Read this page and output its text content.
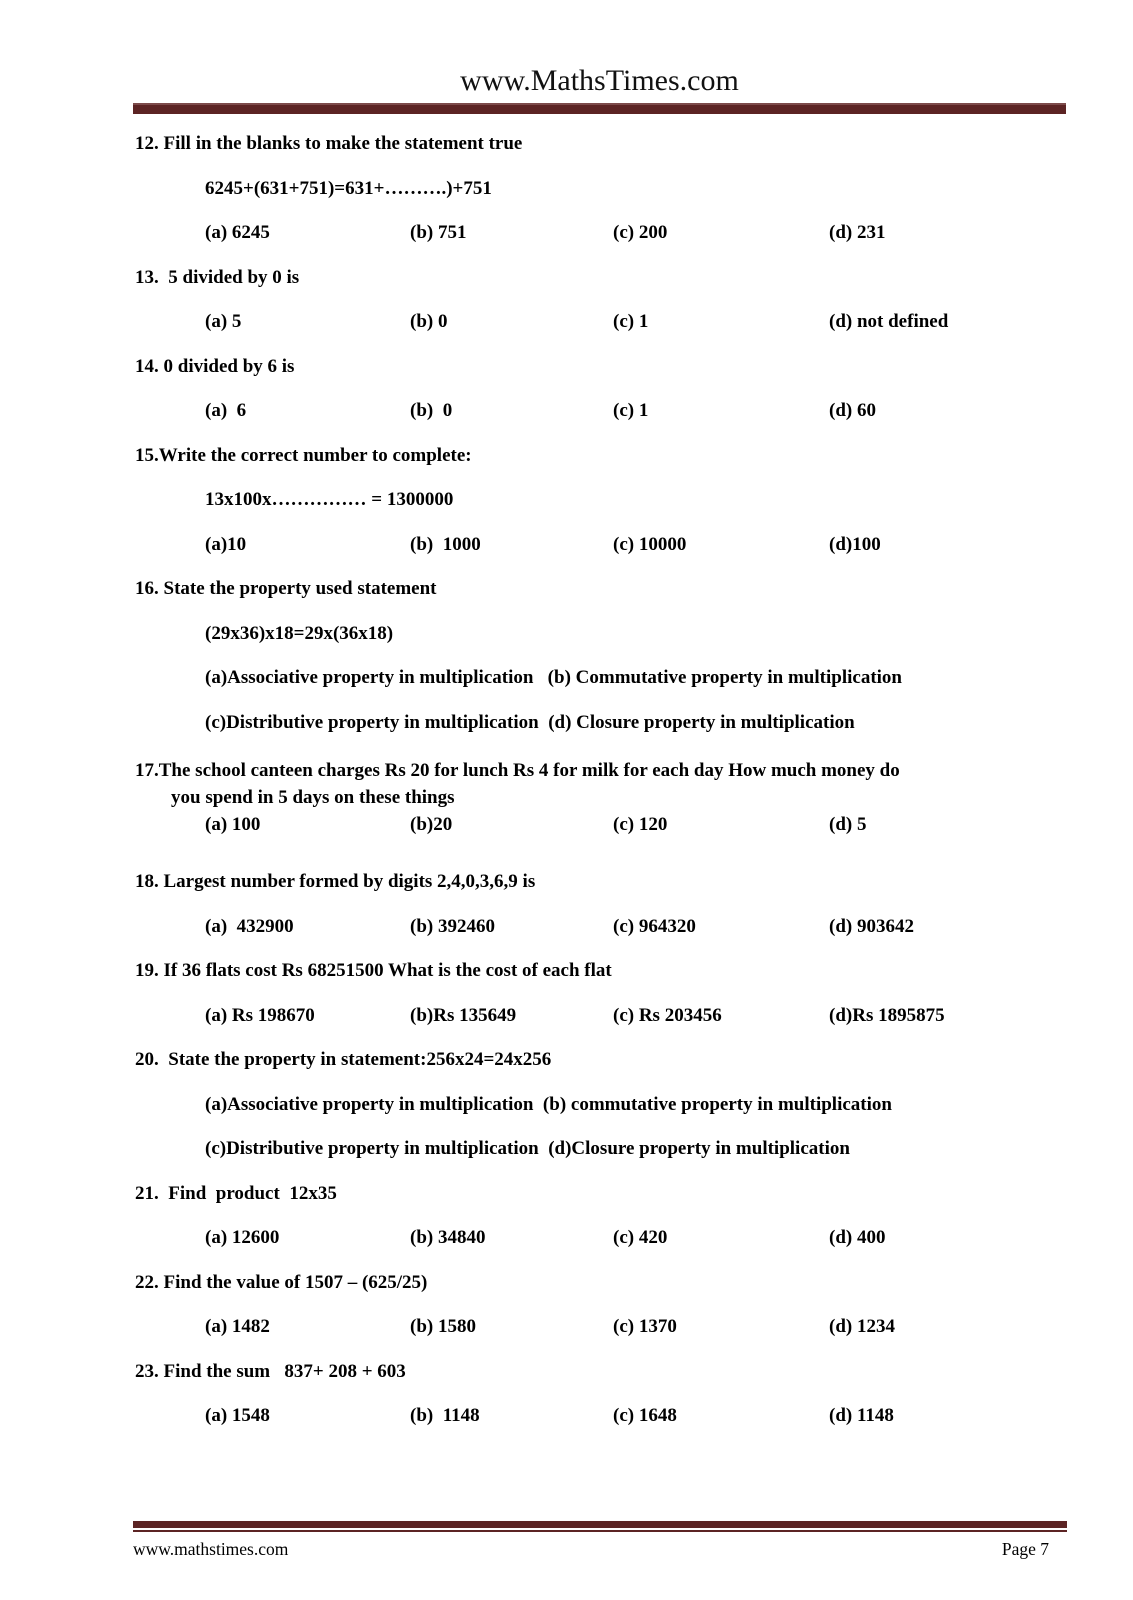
www.MathsTimes.com
12. Fill in the blanks to make the statement true
6245+(631+751)=631+……….)+751
(a) 6245	(b) 751	(c) 200	(d) 231
13.  5 divided by 0 is
(a) 5	(b) 0	(c) 1	(d) not defined
14. 0 divided by 6 is
(a)  6	(b)  0	(c) 1	(d) 60
15.Write the correct number to complete:
13x100x…………… = 1300000
(a)10	(b)  1000	(c) 10000	(d)100
16. State the property used statement
(29x36)x18=29x(36x18)
(a)Associative property in multiplication   (b) Commutative property in multiplication
(c)Distributive property in multiplication  (d) Closure property in multiplication
17.The school canteen charges Rs 20 for lunch Rs 4 for milk for each day How much money do
you spend in 5 days on these things
(a) 100	(b)20	(c) 120	(d) 5
18. Largest number formed by digits 2,4,0,3,6,9 is
(a)  432900	(b) 392460	(c) 964320	(d) 903642
19. If 36 flats cost Rs 68251500 What is the cost of each flat
(a) Rs 198670	(b)Rs 135649	(c) Rs 203456	(d)Rs 1895875
20.  State the property in statement:256x24=24x256
(a)Associative property in multiplication  (b) commutative property in multiplication
(c)Distributive property in multiplication  (d)Closure property in multiplication
21.  Find  product  12x35
(a) 12600	(b) 34840	(c) 420	(d) 400
22. Find the value of 1507 – (625/25)
(a) 1482	(b) 1580	(c) 1370	(d) 1234
23. Find the sum   837+ 208 + 603
(a) 1548	(b)  1148	(c) 1648	(d) 1148
www.mathstimes.com	Page 7
